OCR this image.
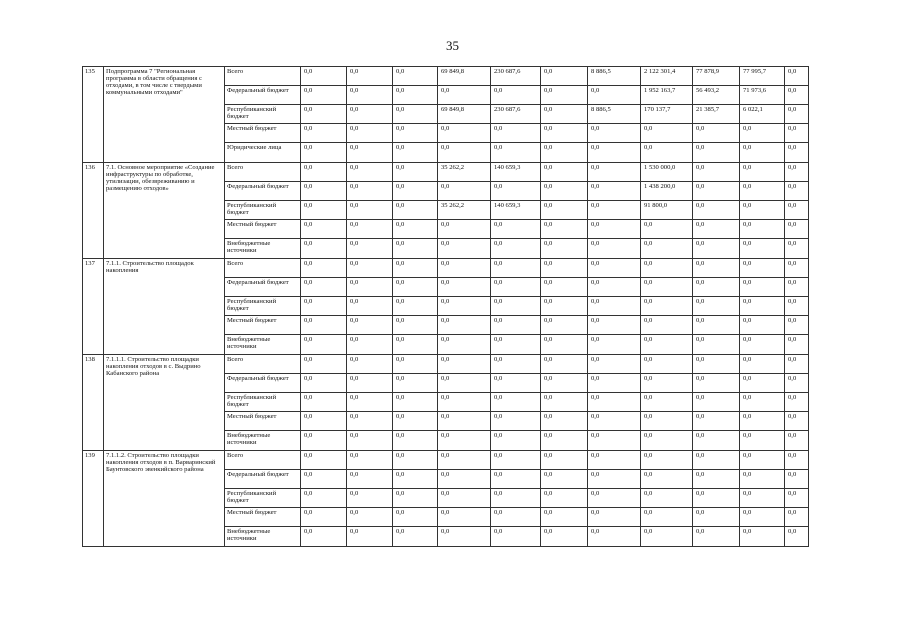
35
135	Подпрограмма 7 "Региональная программа в области обращения с отходами, в том числе с твердыми коммунальными отходами"	Всего	0,0	0,0	0,0	69 849,8	230 687,6	0,0	8 886,5	2 122 301,4	77 878,9	77 995,7	0,0
		Федеральный бюджет	0,0	0,0	0,0	0,0	0,0	0,0	0,0	1 952 163,7	56 493,2	71 973,6	0,0
		Республиканский бюджет	0,0	0,0	0,0	69 849,8	230 687,6	0,0	8 886,5	170 137,7	21 385,7	6 022,1	0,0
		Местный бюджет	0,0	0,0	0,0	0,0	0,0	0,0	0,0	0,0	0,0	0,0	0,0
		Юридические лица	0,0	0,0	0,0	0,0	0,0	0,0	0,0	0,0	0,0	0,0	0,0
136	7.1. Основное мероприятие «Создание инфраструктуры по обработке, утилизации, обезвреживанию и размещению отходов»	Всего	0,0	0,0	0,0	35 262,2	140 659,3	0,0	0,0	1 530 000,0	0,0	0,0	0,0
		Федеральный бюджет	0,0	0,0	0,0	0,0	0,0	0,0	0,0	1 438 200,0	0,0	0,0	0,0
		Республиканский бюджет	0,0	0,0	0,0	35 262,2	140 659,3	0,0	0,0	91 800,0	0,0	0,0	0,0
		Местный бюджет	0,0	0,0	0,0	0,0	0,0	0,0	0,0	0,0	0,0	0,0	0,0
		Внебюджетные источники	0,0	0,0	0,0	0,0	0,0	0,0	0,0	0,0	0,0	0,0	0,0
137	7.1.1. Строительство площадок накопления	Всего	0,0	0,0	0,0	0,0	0,0	0,0	0,0	0,0	0,0	0,0	0,0
		Федеральный бюджет	0,0	0,0	0,0	0,0	0,0	0,0	0,0	0,0	0,0	0,0	0,0
		Республиканский бюджет	0,0	0,0	0,0	0,0	0,0	0,0	0,0	0,0	0,0	0,0	0,0
		Местный бюджет	0,0	0,0	0,0	0,0	0,0	0,0	0,0	0,0	0,0	0,0	0,0
		Внебюджетные источники	0,0	0,0	0,0	0,0	0,0	0,0	0,0	0,0	0,0	0,0	0,0
138	7.1.1.1. Строительство площадки накопления отходов в с. Выдрино Кабанского района	Всего	0,0	0,0	0,0	0,0	0,0	0,0	0,0	0,0	0,0	0,0	0,0
		Федеральный бюджет	0,0	0,0	0,0	0,0	0,0	0,0	0,0	0,0	0,0	0,0	0,0
		Республиканский бюджет	0,0	0,0	0,0	0,0	0,0	0,0	0,0	0,0	0,0	0,0	0,0
		Местный бюджет	0,0	0,0	0,0	0,0	0,0	0,0	0,0	0,0	0,0	0,0	0,0
		Внебюджетные источники	0,0	0,0	0,0	0,0	0,0	0,0	0,0	0,0	0,0	0,0	0,0
139	7.1.1.2. Строительство площадки накопления отходов в п. Варваринский Баунтовского эвенкийского района	Всего	0,0	0,0	0,0	0,0	0,0	0,0	0,0	0,0	0,0	0,0	0,0
		Федеральный бюджет	0,0	0,0	0,0	0,0	0,0	0,0	0,0	0,0	0,0	0,0	0,0
		Республиканский бюджет	0,0	0,0	0,0	0,0	0,0	0,0	0,0	0,0	0,0	0,0	0,0
		Местный бюджет	0,0	0,0	0,0	0,0	0,0	0,0	0,0	0,0	0,0	0,0	0,0
		Внебюджетные источники	0,0	0,0	0,0	0,0	0,0	0,0	0,0	0,0	0,0	0,0	0,0
